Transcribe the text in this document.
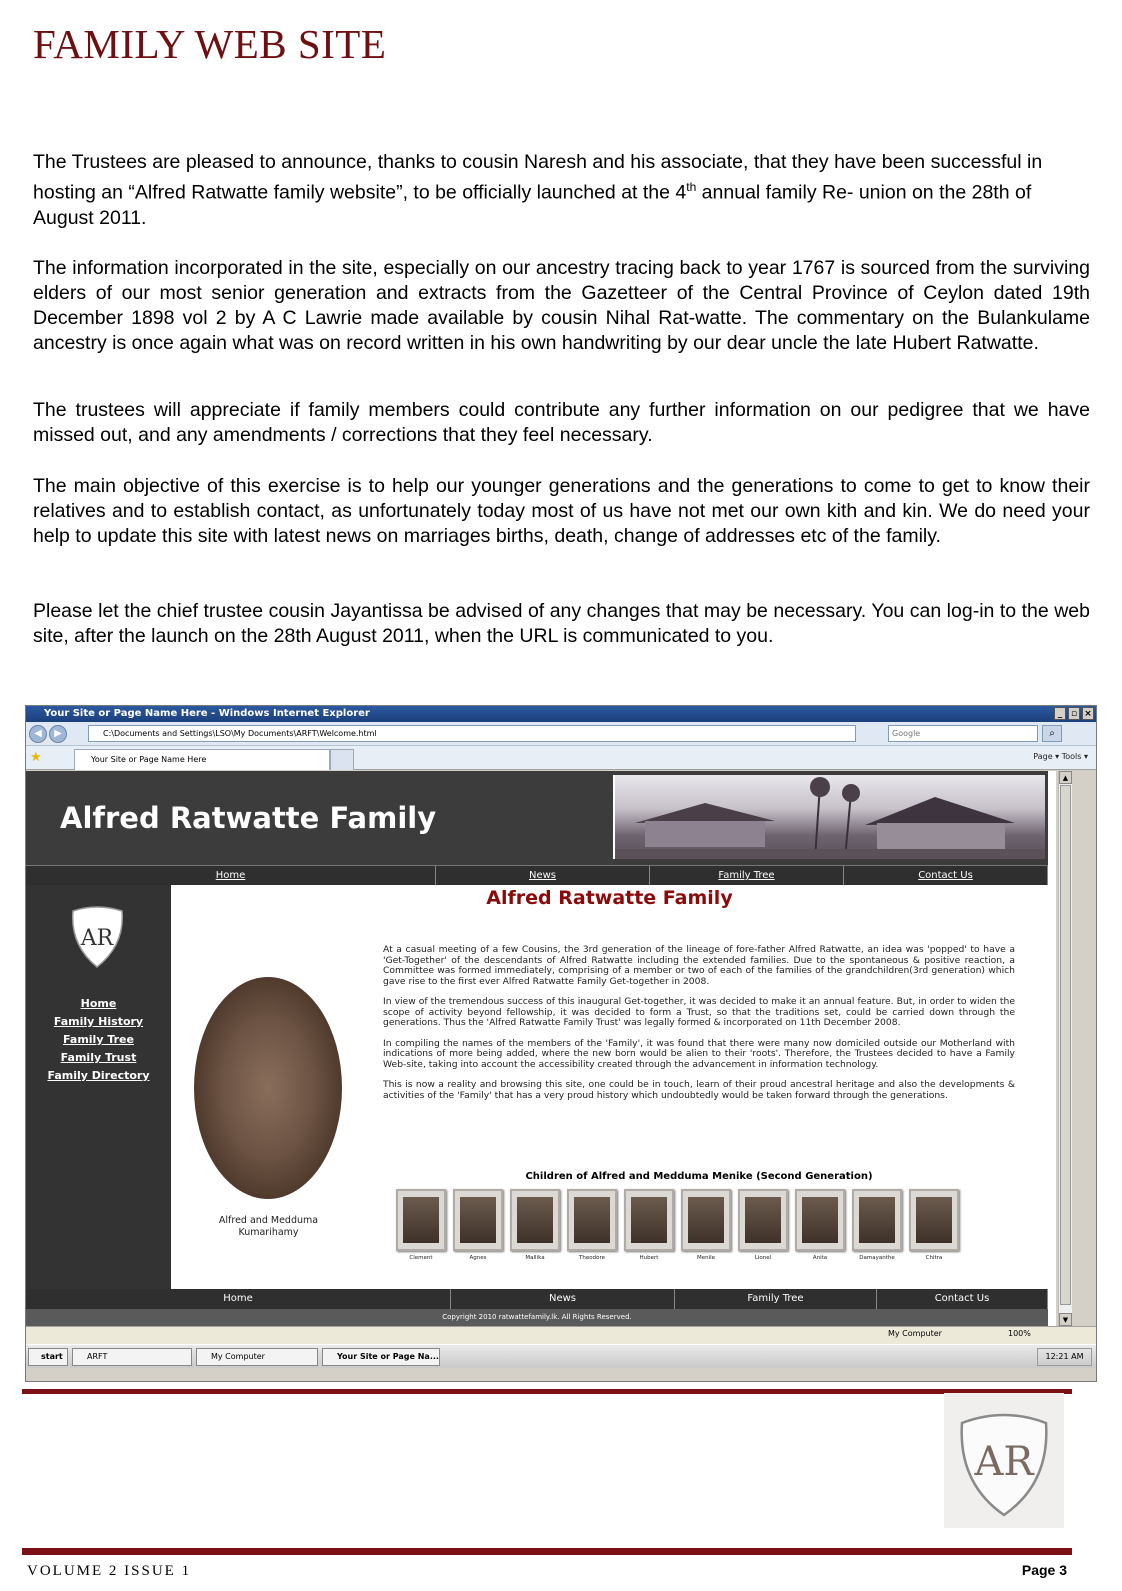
FAMILY WEB SITE
The Trustees are pleased to announce, thanks to cousin Naresh and his associate, that they have been successful in hosting an “Alfred Ratwatte family website”, to be officially launched at the 4th annual family Re- union on the 28th of August 2011.
The information incorporated in the site, especially on our ancestry tracing back to year 1767 is sourced from the surviving elders of our most senior generation and extracts from the Gazetteer of the Central Province of Ceylon dated 19th December 1898 vol 2 by A C Lawrie made available by cousin Nihal Rat-watte. The commentary on the Bulankulame ancestry is once again what was on record written in his own handwriting by our dear uncle the late Hubert Ratwatte.
The trustees will appreciate if family members could contribute any further information on our pedigree that we have missed out, and any amendments / corrections that they feel necessary.
The main objective of this exercise is to help our younger generations and the generations to come to get to know their relatives and to establish contact, as unfortunately today most of us have not met our own kith and kin. We do need your help to update this site with latest news on marriages births, death, change of addresses etc of the family.
Please let the chief trustee cousin Jayantissa be advised of any changes that may be necessary. You can log-in to the web site, after the launch on the 28th August 2011, when the URL is communicated to you.
Your Site or Page Name Here - Windows Internet Explorer	_ ▫ ×
◀	▶	C:\Documents and Settings\LSO\My Documents\ARFT\Welcome.html	Google	⌕
★	Your Site or Page Name Here	Page ▾ Tools ▾
Alfred Ratwatte Family
Home	News	Family Tree	Contact Us
AR
Home
Family History
Family Tree
Family Trust
Family Directory
Alfred Ratwatte Family
Alfred and Medduma Kumarihamy

At a casual meeting of a few Cousins, the 3rd generation of the lineage of fore-father Alfred Ratwatte, an idea was 'popped' to have a 'Get-Together' of the descendants of Alfred Ratwatte including the extended families. Due to the spontaneous & positive reaction, a Committee was formed immediately, comprising of a member or two of each of the families of the grandchildren(3rd generation) which gave rise to the first ever Alfred Ratwatte Family Get-together in 2008.

In view of the tremendous success of this inaugural Get-together, it was decided to make it an annual feature. But, in order to widen the scope of activity beyond fellowship, it was decided to form a Trust, so that the traditions set, could be carried down through the generations. Thus the 'Alfred Ratwatte Family Trust' was legally formed & incorporated on 11th December 2008.

In compiling the names of the members of the 'Family', it was found that there were many now domiciled outside our Motherland with indications of more being added, where the new born would be alien to their 'roots'. Therefore, the Trustees decided to have a Family Web-site, taking into account the accessibility created through the advancement in information technology.

This is now a reality and browsing this site, one could be in touch, learn of their proud ancestral heritage and also the developments & activities of the 'Family' that has a very proud history which undoubtedly would be taken forward through the generations.

Children of Alfred and Medduma Menike (Second Generation)
Clement	Agnes	Mallika	Theodore	Hubert	Menile	Lionel	Anita	Damayanthe	Chitra
Home	News	Family Tree	Contact Us
Copyright 2010 ratwattefamily.lk. All Rights Reserved.
▲
▼
My Computer	100%
start	ARFT	My Computer	Your Site or Page Na...	12:21 AM
AR
VOLUME 2 ISSUE 1	Page 3
